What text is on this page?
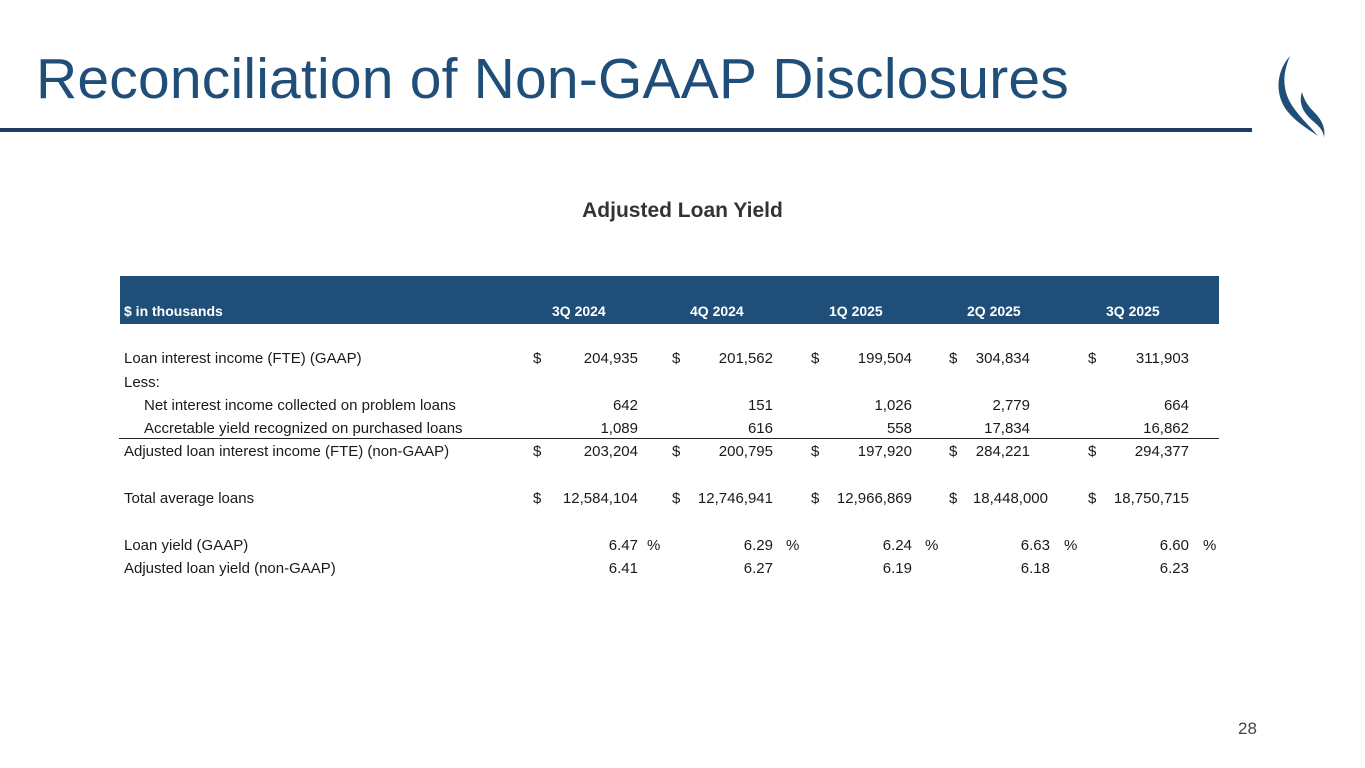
Reconciliation of Non-GAAP Disclosures
Adjusted Loan Yield
$ in thousands	3Q 2024	4Q 2024	1Q 2025	2Q 2025	3Q 2025
Loan interest income (FTE) (GAAP)	$	204,935 $	201,562	$	199,504 $	304,834	$	311,903
Less:
Net interest income collected on problem loans	642	151	1,026	2,779	664
Accretable yield recognized on purchased loans	1,089	616	558	17,834	16,862
Adjusted loan interest income (FTE) (non-GAAP)	$	203,204 $	200,795	$	197,920 $	284,221	$	294,377
Total average loans	$	12,584,104 $	12,746,941	$	12,966,869 $	18,448,000	$	18,750,715
Loan yield (GAAP)	6.47 %	6.29 %	6.24 %	6.63 %	6.60 %
Adjusted loan yield (non-GAAP)	6.41	6.27	6.19	6.18	6.23
28
